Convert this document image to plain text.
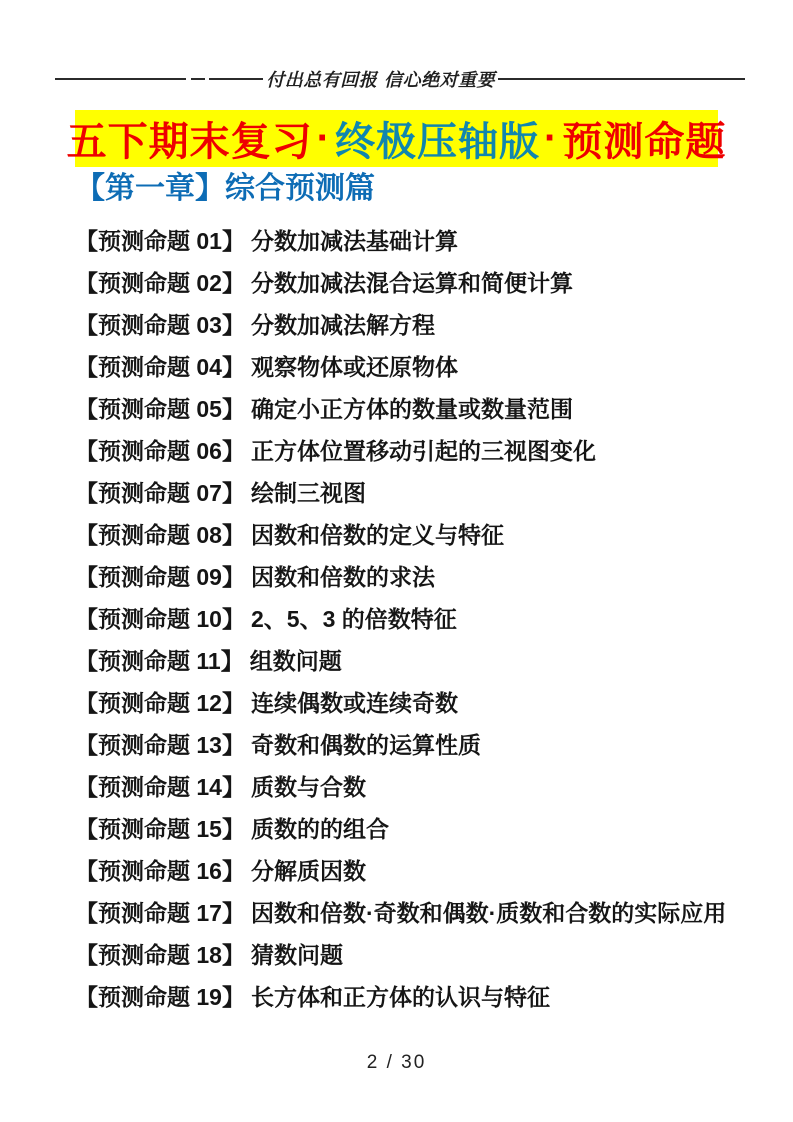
付出总有回报 信心绝对重要
五下期末复习 · 终极压轴版 · 预测命题
【第一章】综合预测篇
【预测命题 01】 分数加减法基础计算
【预测命题 02】 分数加减法混合运算和简便计算
【预测命题 03】 分数加减法解方程
【预测命题 04】 观察物体或还原物体
【预测命题 05】 确定小正方体的数量或数量范围
【预测命题 06】 正方体位置移动引起的三视图变化
【预测命题 07】 绘制三视图
【预测命题 08】 因数和倍数的定义与特征
【预测命题 09】 因数和倍数的求法
【预测命题 10】 2、5、3 的倍数特征
【预测命题 11】 组数问题
【预测命题 12】 连续偶数或连续奇数
【预测命题 13】 奇数和偶数的运算性质
【预测命题 14】 质数与合数
【预测命题 15】 质数的的组合
【预测命题 16】 分解质因数
【预测命题 17】 因数和倍数·奇数和偶数·质数和合数的实际应用
【预测命题 18】 猜数问题
【预测命题 19】 长方体和正方体的认识与特征
2 / 30
